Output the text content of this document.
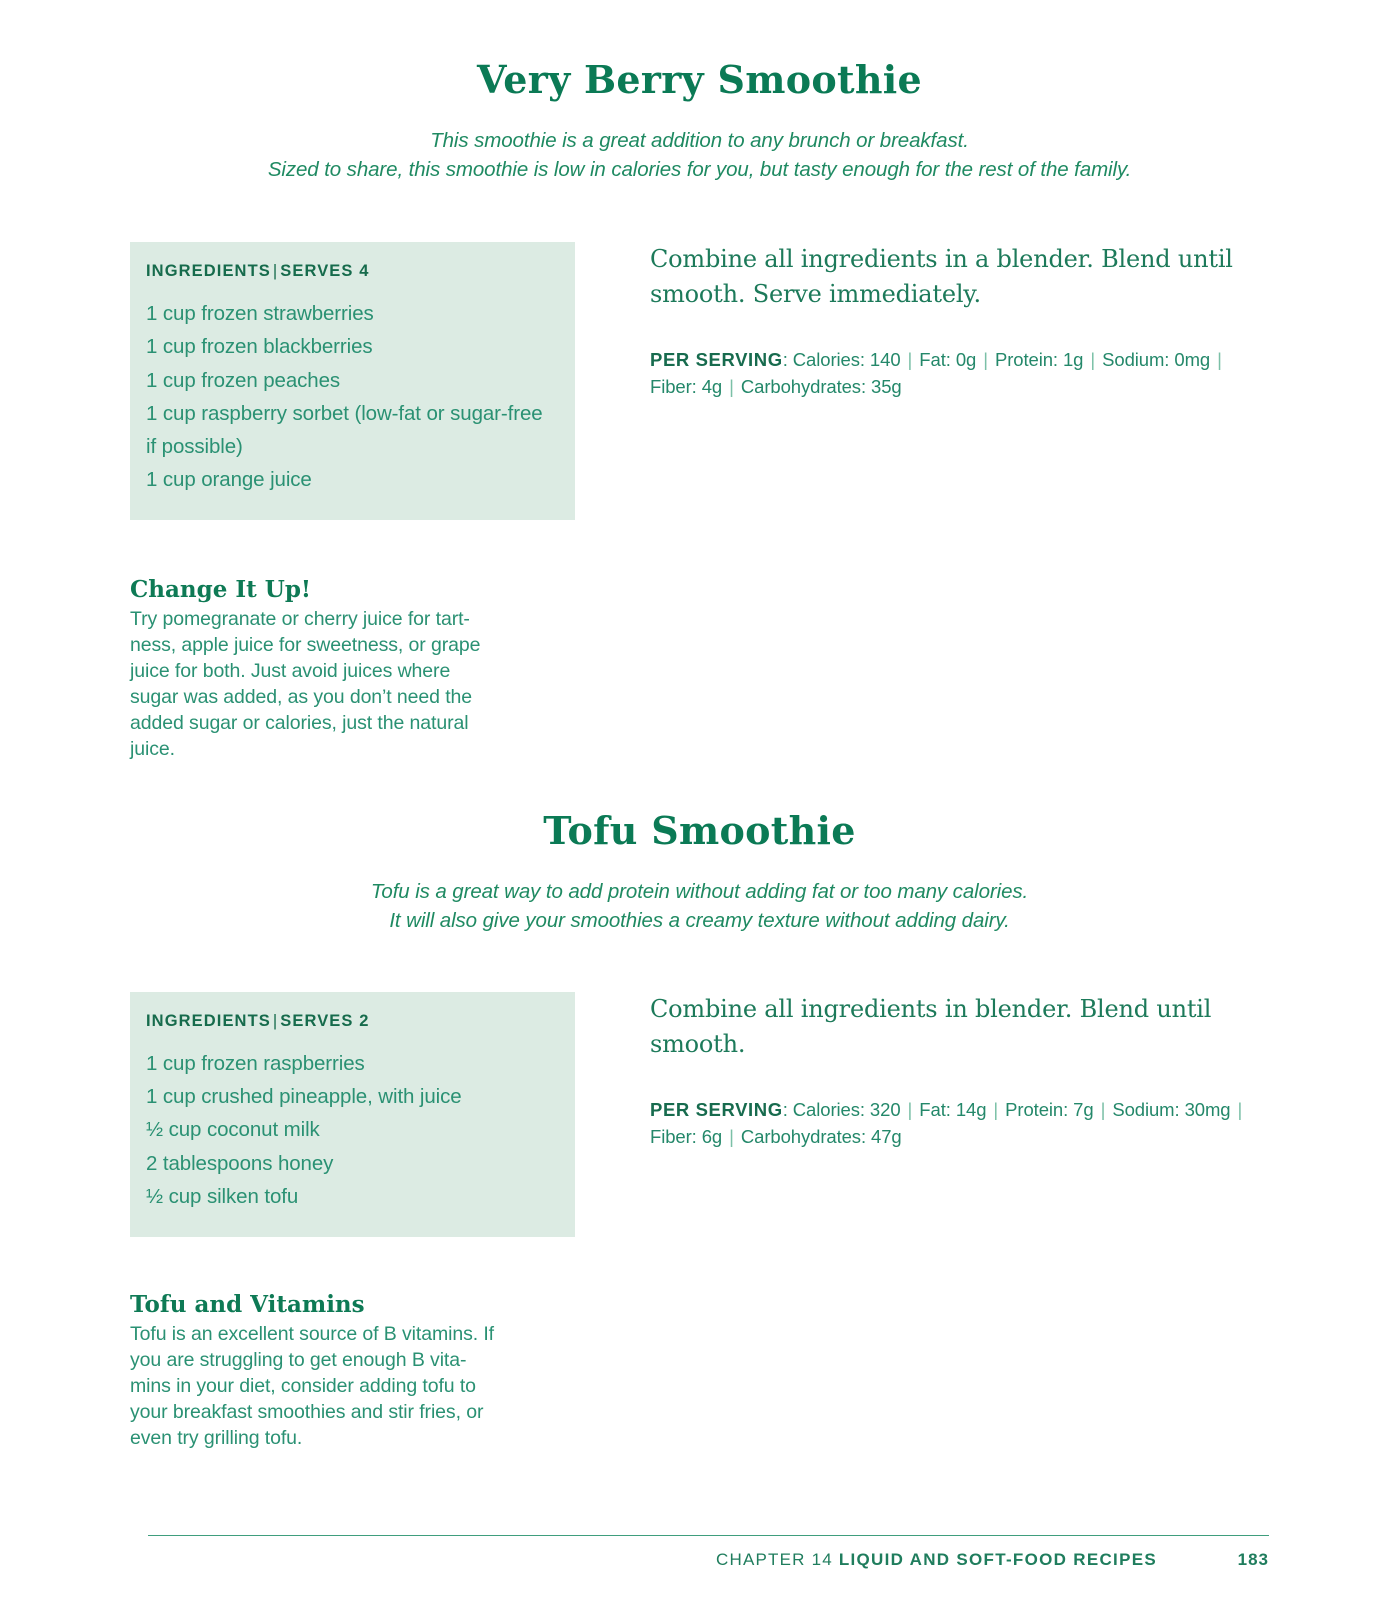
Very Berry Smoothie
This smoothie is a great addition to any brunch or breakfast.
Sized to share, this smoothie is low in calories for you, but tasty enough for the rest of the family.
INGREDIENTS | SERVES 4

1 cup frozen strawberries

1 cup frozen blackberries

1 cup frozen peaches

1 cup raspberry sorbet (low-fat or sugar-free if possible)

1 cup orange juice

Change It Up!
Try pomegranate or cherry juice for tart-
ness, apple juice for sweetness, or grape
juice for both. Just avoid juices where
sugar was added, as you don’t need the
added sugar or calories, just the natural
juice.

Combine all ingredients in a blender. Blend until smooth. Serve immediately.

PER SERVING: Calories: 140 | Fat: 0g | Protein: 1g | Sodium: 0mg | Fiber: 4g | Carbohydrates: 35g

Tofu Smoothie
Tofu is a great way to add protein without adding fat or too many calories.
It will also give your smoothies a creamy texture without adding dairy.
INGREDIENTS | SERVES 2

1 cup frozen raspberries

1 cup crushed pineapple, with juice

½ cup coconut milk

2 tablespoons honey

½ cup silken tofu

Tofu and Vitamins
Tofu is an excellent source of B vitamins. If
you are struggling to get enough B vita-
mins in your diet, consider adding tofu to
your breakfast smoothies and stir fries, or
even try grilling tofu.

Combine all ingredients in blender. Blend until smooth.

PER SERVING: Calories: 320 | Fat: 14g | Protein: 7g | Sodium: 30mg | Fiber: 6g | Carbohydrates: 47g

CHAPTER 14 LIQUID AND SOFT-FOOD RECIPES	183
